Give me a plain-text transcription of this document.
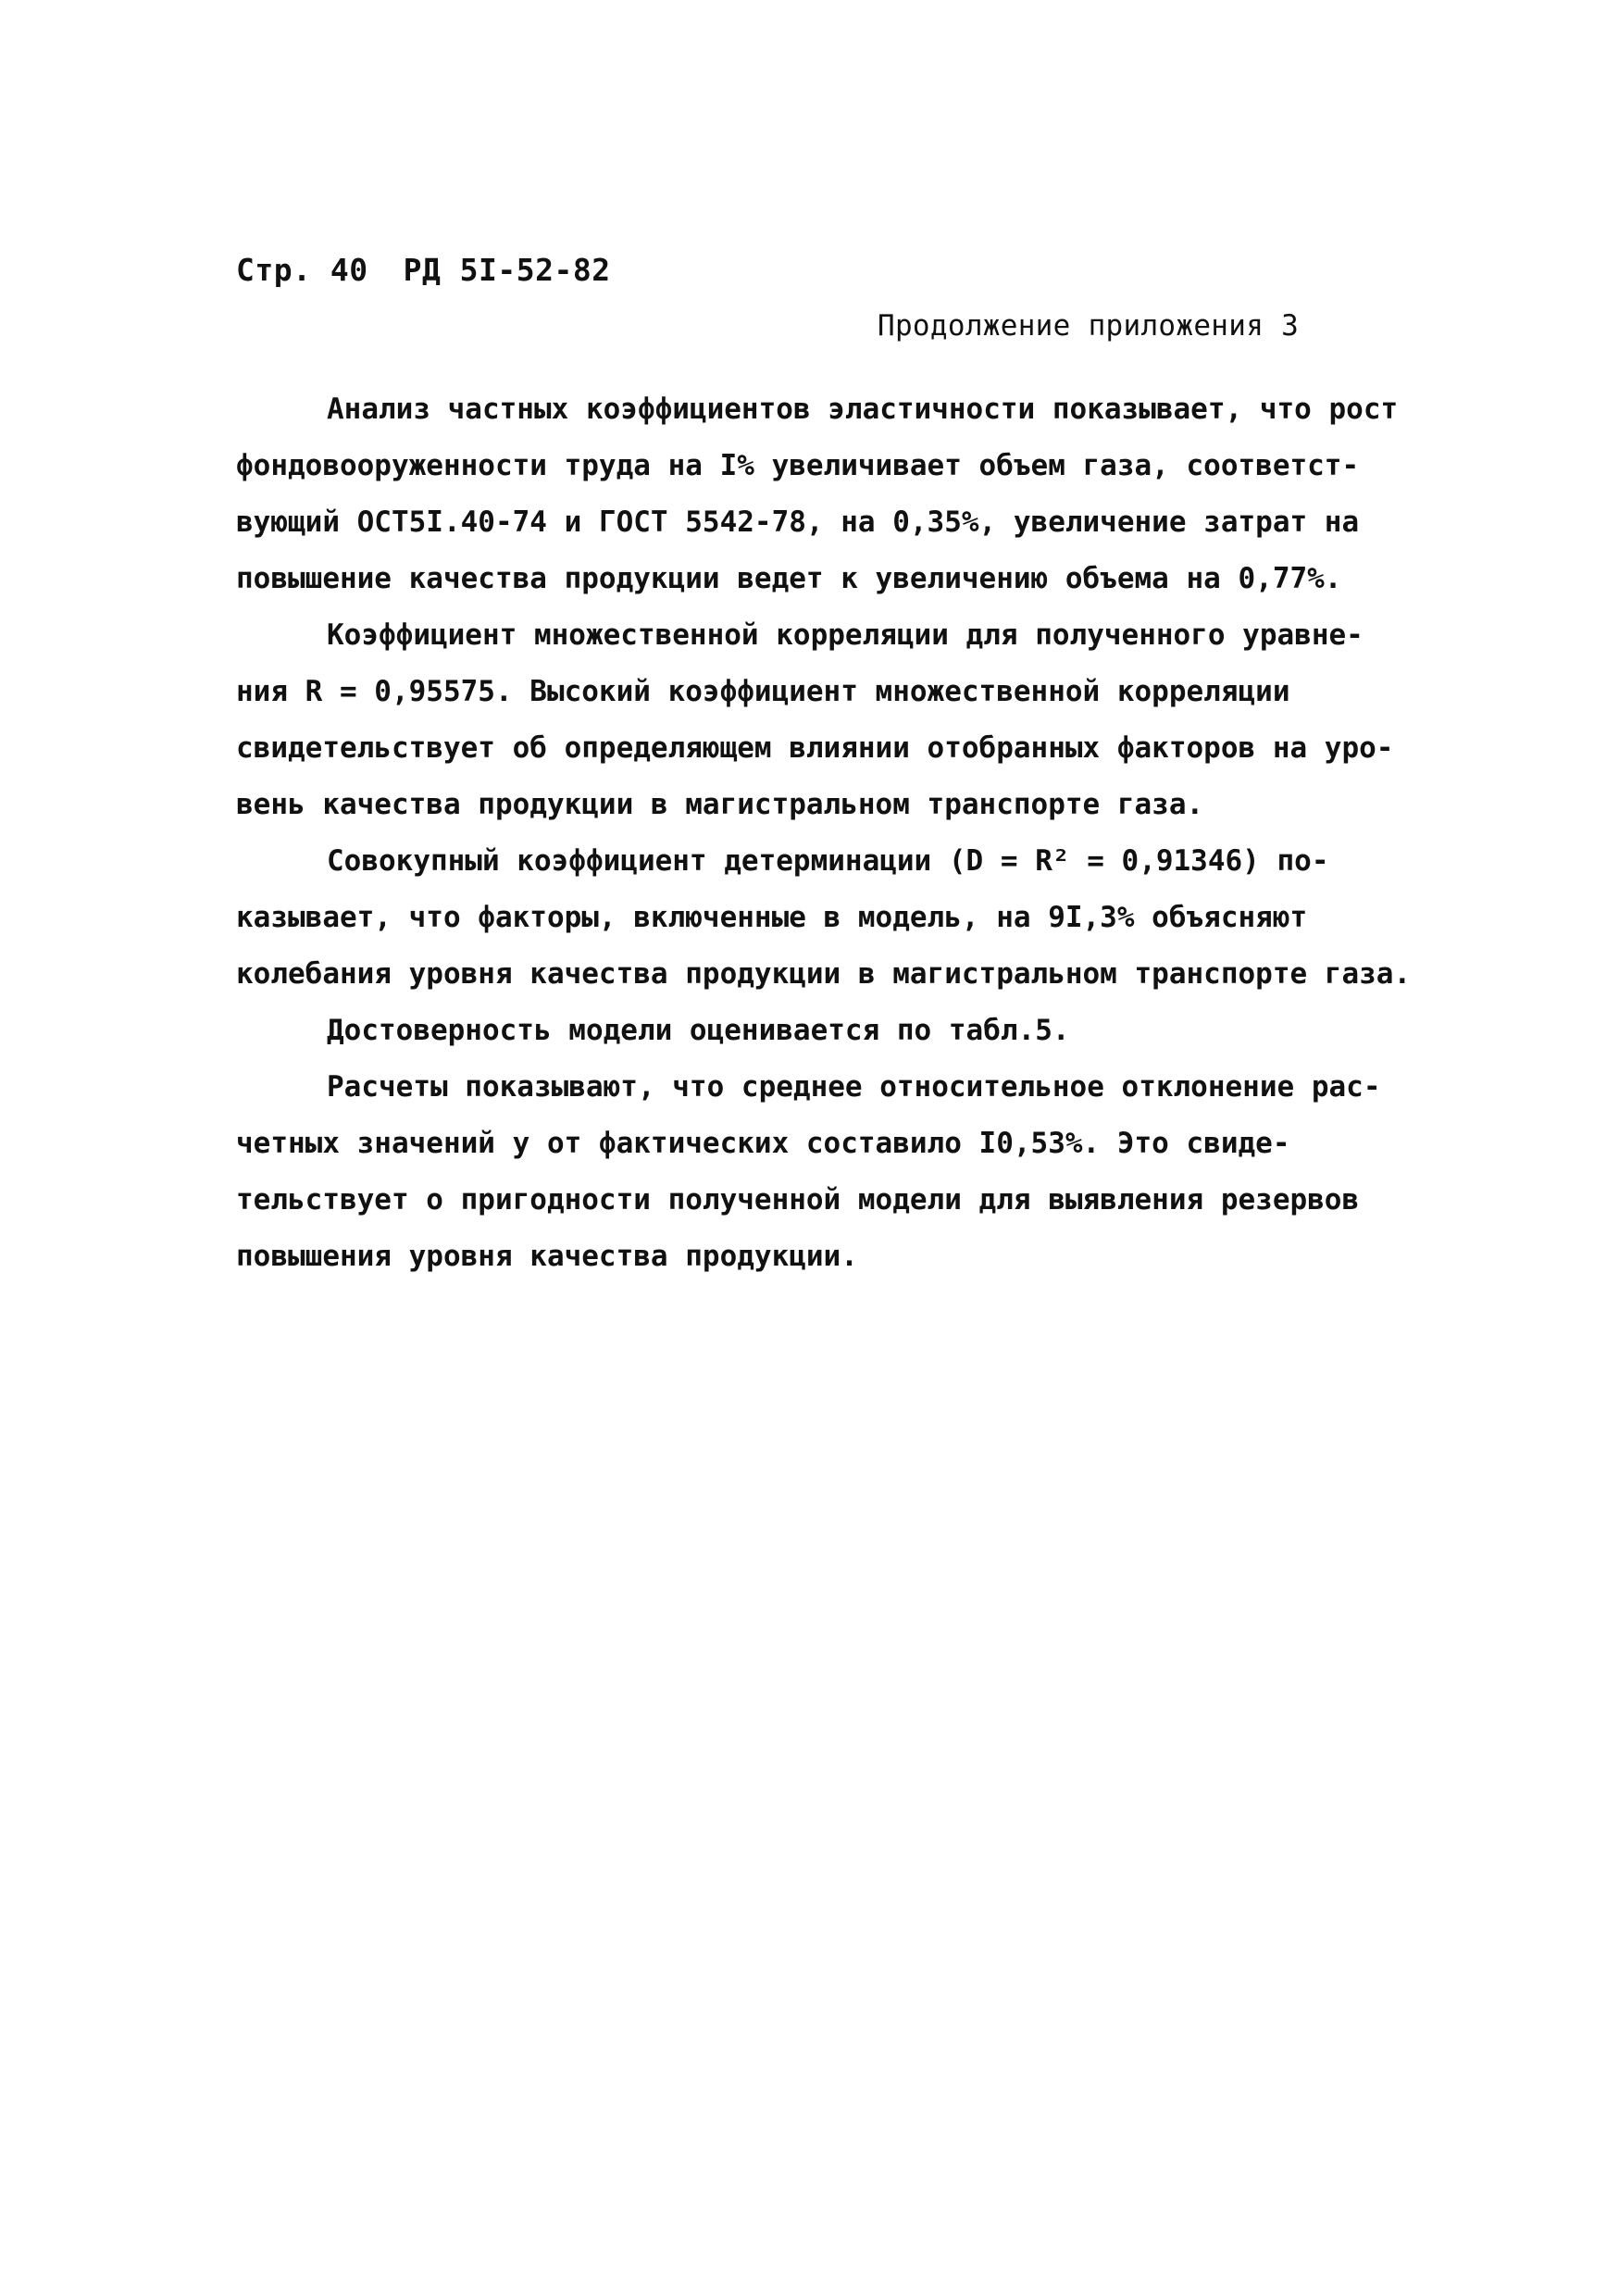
Стр. 40 РД 5I-52-82
Продолжение приложения 3
Анализ частных коэффициентов эластичности показывает, что рост
фондовооруженности труда на I% увеличивает объем газа, соответст-
вующий ОСТ5I.40-74 и ГОСТ 5542-78, на 0,35%, увеличение затрат на
повышение качества продукции ведет к увеличению объема на 0,77%.
Коэффициент множественной корреляции для полученного уравне-
ния R = 0,95575. Высокий коэффициент множественной корреляции
свидетельствует об определяющем влиянии отобранных факторов на уро-
вень качества продукции в магистральном транспорте газа.
Совокупный коэффициент детерминации (D = R² = 0,91346) по-
казывает, что факторы, включенные в модель, на 9I,3% объясняют
колебания уровня качества продукции в магистральном транспорте газа.
Достоверность модели оценивается по табл.5.
Расчеты показывают, что среднее относительное отклонение рас-
четных значений y от фактических составило I0,53%. Это свиде-
тельствует о пригодности полученной модели для выявления резервов
повышения уровня качества продукции.
